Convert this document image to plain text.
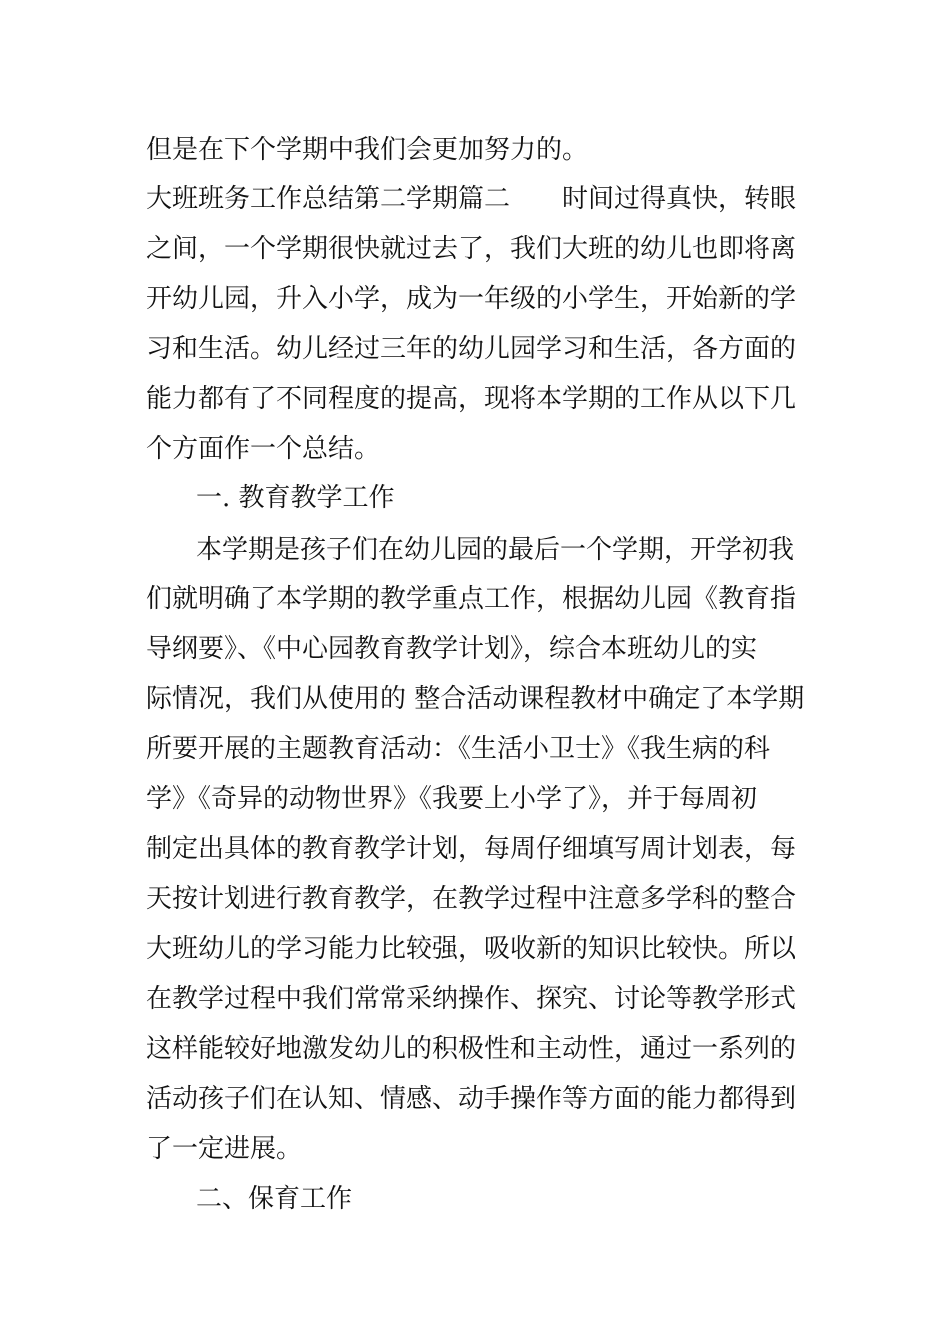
但是在下个学期中我们会更加努力的。
大班班务工作总结第二学期篇二　　时间过得真快，转眼
之间，一个学期很快就过去了，我们大班的幼儿也即将离
开幼儿园，升入小学，成为一年级的小学生，开始新的学
习和生活。幼儿经过三年的幼儿园学习和生活，各方面的
能力都有了不同程度的提高，现将本学期的工作从以下几
个方面作一个总结。
一. 教育教学工作
本学期是孩子们在幼儿园的最后一个学期，开学初我
们就明确了本学期的教学重点工作，根据幼儿园《教育指
导纲要》、《中心园教育教学计划》，综合本班幼儿的实
际情况，我们从使用的 整合活动课程教材中确定了本学期
所要开展的主题教育活动：《生活小卫士》《我生病的科
学》《奇异的动物世界》《我要上小学了》，并于每周初
制定出具体的教育教学计划，每周仔细填写周计划表，每
天按计划进行教育教学，在教学过程中注意多学科的整合
大班幼儿的学习能力比较强，吸收新的知识比较快。所以
在教学过程中我们常常采纳操作、探究、讨论等教学形式
这样能较好地激发幼儿的积极性和主动性，通过一系列的
活动孩子们在认知、情感、动手操作等方面的能力都得到
了一定进展。
二、保育工作
